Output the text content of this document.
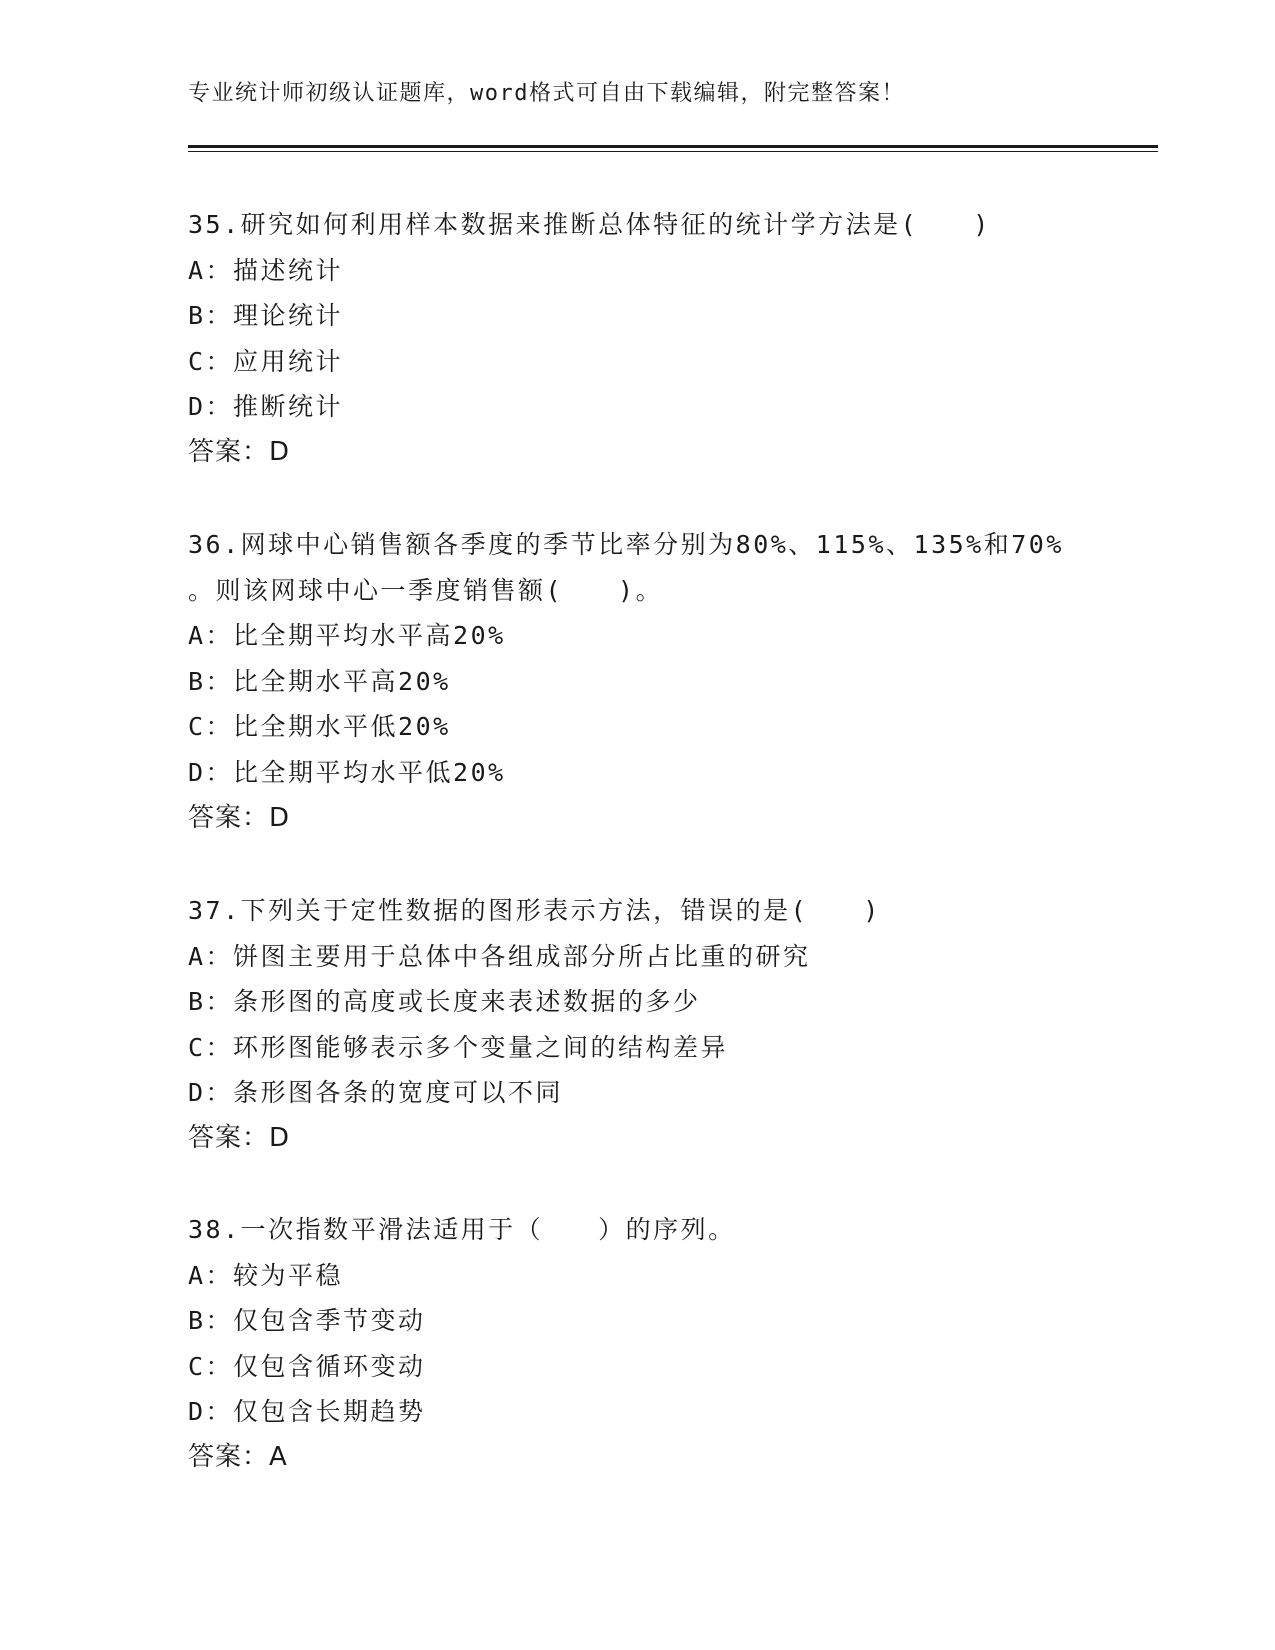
专业统计师初级认证题库，word格式可自由下载编辑，附完整答案！
35.研究如何利用样本数据来推断总体特征的统计学方法是(　　)
A：描述统计
B：理论统计
C：应用统计
D：推断统计
答案：D
36.网球中心销售额各季度的季节比率分别为80%、115%、135%和70%
。则该网球中心一季度销售额(　　)。
A：比全期平均水平高20%
B：比全期水平高20%
C：比全期水平低20%
D：比全期平均水平低20%
答案：D
37.下列关于定性数据的图形表示方法，错误的是(　　)
A：饼图主要用于总体中各组成部分所占比重的研究
B：条形图的高度或长度来表述数据的多少
C：环形图能够表示多个变量之间的结构差异
D：条形图各条的宽度可以不同
答案：D
38.一次指数平滑法适用于（　　）的序列。
A：较为平稳
B：仅包含季节变动
C：仅包含循环变动
D：仅包含长期趋势
答案：A
